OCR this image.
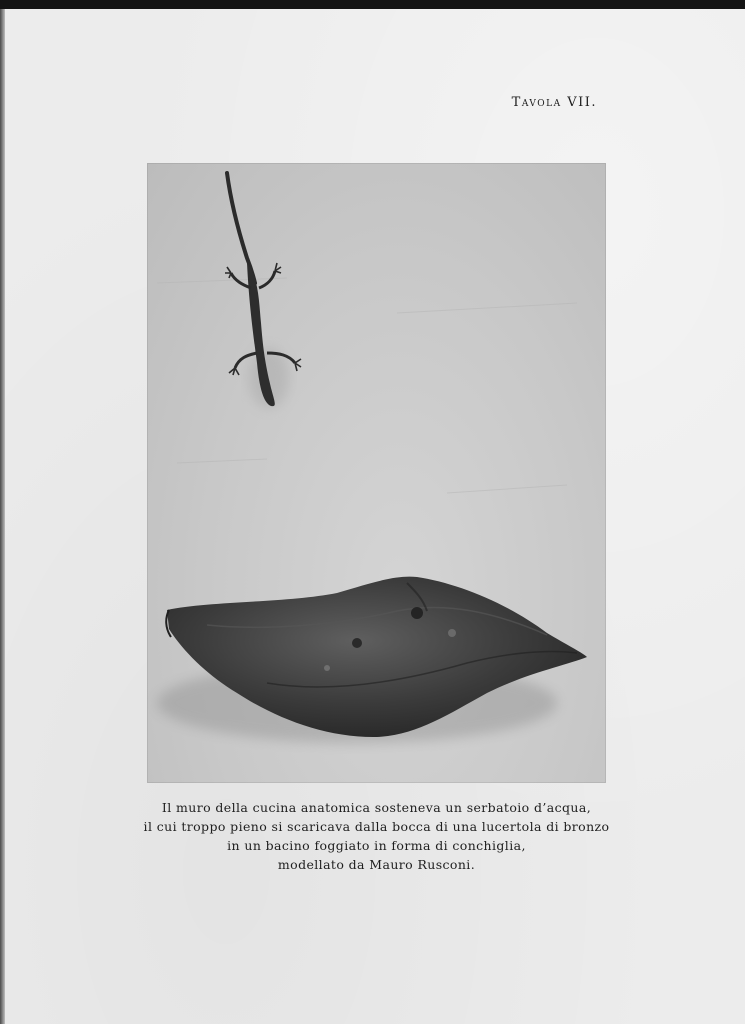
Tavola VII.
Il muro della cucina anatomica sosteneva un serbatoio d’acqua,
il cui troppo pieno si scaricava dalla bocca di una lucertola di bronzo
in un bacino foggiato in forma di conchiglia,
modellato da Mauro Rusconi.
